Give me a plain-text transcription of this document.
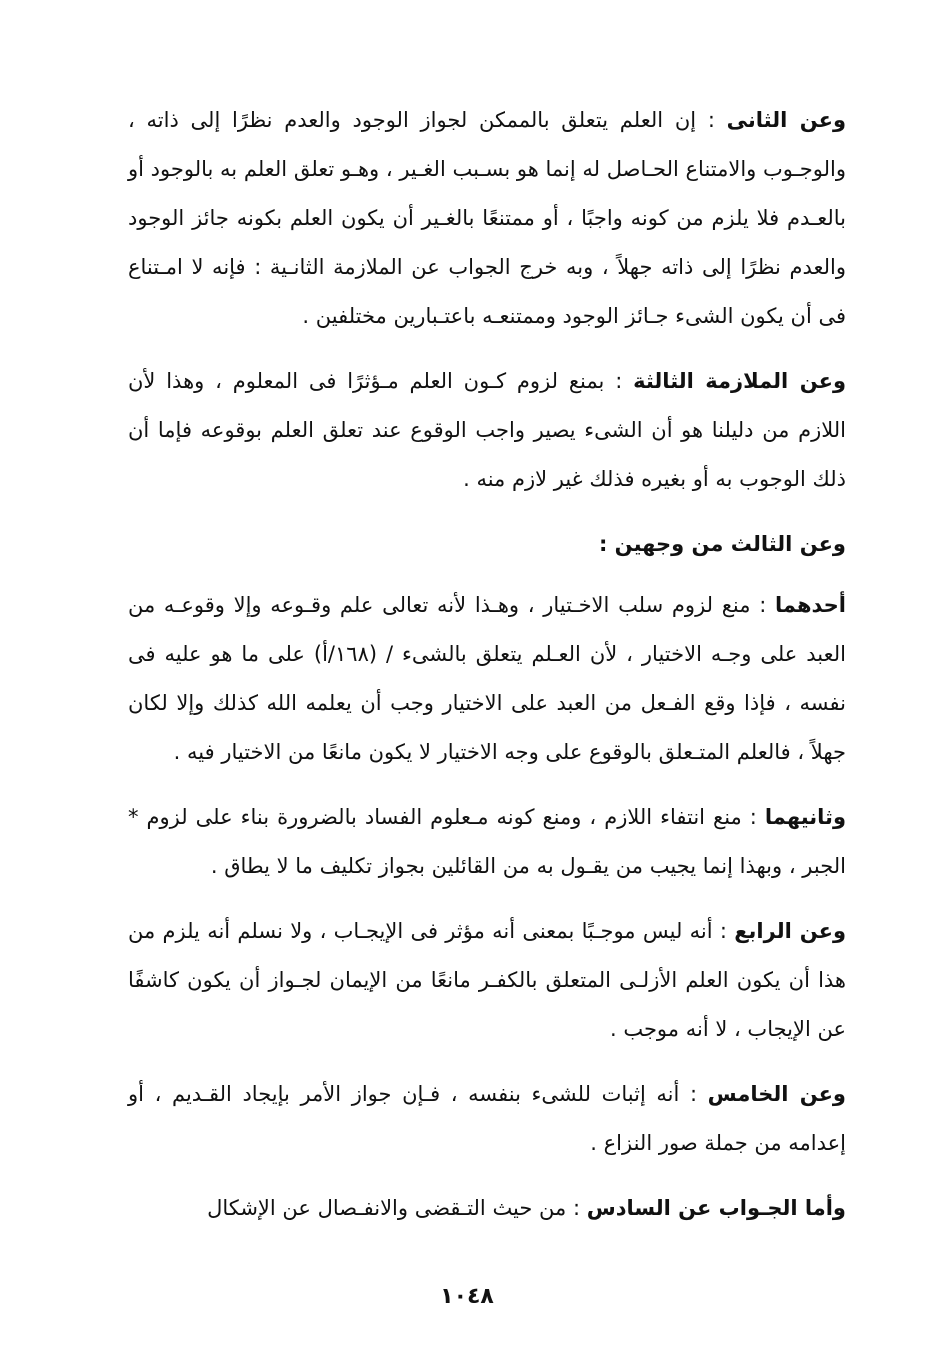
وعن الثانى : إن العلم يتعلق بالممكن لجواز الوجود والعدم نظرًا إلى ذاته ، والوجـوب والامتناع الحـاصل له إنما هو بسـبب الغـير ، وهـو تعلق العلم به بالوجود أو بالعـدم فلا يلزم من كونه واجبًا ، أو ممتنعًا بالغـير أن يكون العلم بكونه جائز الوجود والعدم نظرًا إلى ذاته جهلاً ، وبه خرج الجواب عن الملازمة الثانـية : فإنه لا امـتناع فى أن يكون الشىء جـائز الوجود وممتنعـه باعتـبارين مختلفين .

وعن الملازمة الثالثة : بمنع لزوم كـون العلم مـؤثرًا فى المعلوم ، وهذا لأن اللازم من دليلنا هو أن الشىء يصير واجب الوقوع عند تعلق العلم بوقوعه فإما أن ذلك الوجوب به أو بغيره فذلك غير لازم منه .

وعن الثالث من وجهين :

أحدهما : منع لزوم سلب الاخـتيار ، وهـذا لأنه تعالى علم وقـوعه وإلا وقوعـه من العبد على وجـه الاختيار ، لأن العـلم يتعلق بالشىء / (١٦٨/أ) على ما هو عليه فى نفسه ، فإذا وقع الفـعل من العبد على الاختيار وجب أن يعلمه الله كذلك وإلا لكان جهلاً ، فالعلم المتـعلق بالوقوع على وجه الاختيار لا يكون مانعًا من الاختيار فيه .

وثانيهما : منع انتفاء اللازم ، ومنع كونه مـعلوم الفساد بالضرورة بناء على لزوم * الجبر ، وبهذا إنما يجيب من يقـول به من القائلين بجواز تكليف ما لا يطاق .

وعن الرابع : أنه ليس موجـبًا بمعنى أنه مؤثر فى الإيجـاب ، ولا نسلم أنه يلزم من هذا أن يكون العلم الأزلـى المتعلق بالكفـر مانعًا من الإيمان لجـواز أن يكون كاشفًا عن الإيجاب ، لا أنه موجب .

وعن الخامس : أنه إثبات للشىء بنفسه ، فـإن جواز الأمر بإيجاد القـديم ، أو إعدامه من جملة صور النزاع .

وأما الجـواب عن السادس : من حيث التـقضى والانفـصال عن الإشكال

١٠٤٨
